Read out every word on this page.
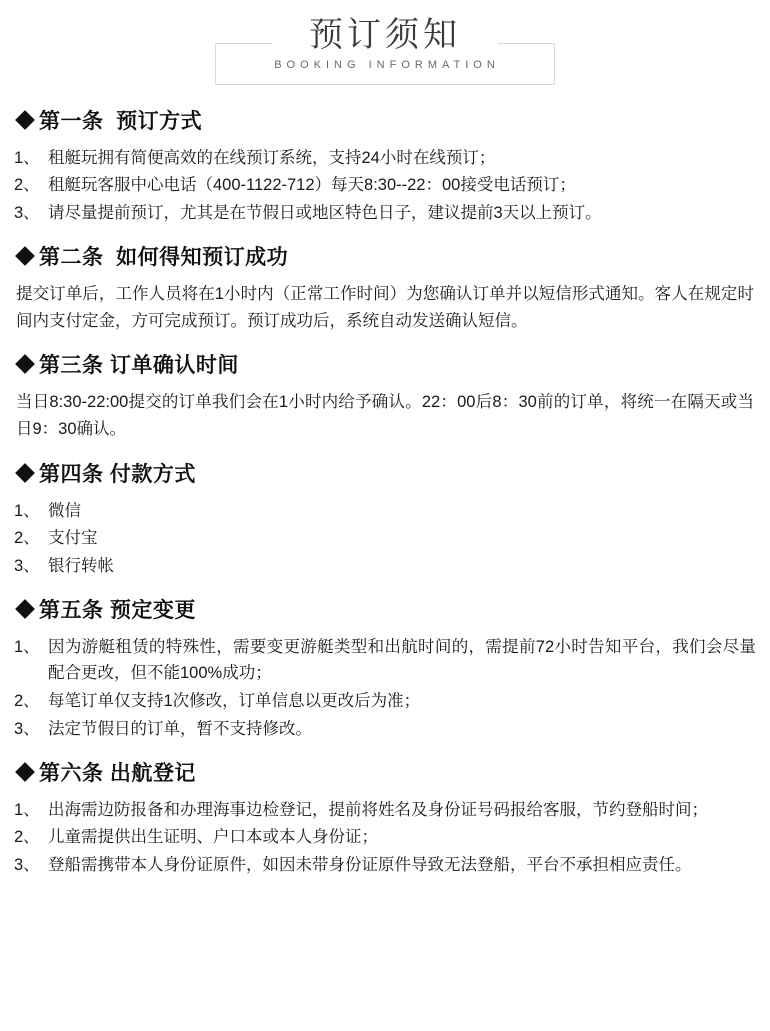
预订须知

BOOKING INFORMATION

第一条  预订方式
1、 租艇玩拥有简便高效的在线预订系统，支持24小时在线预订；
2、 租艇玩客服中心电话（400-1122-712）每天8:30--22：00接受电话预订；
3、 请尽量提前预订，尤其是在节假日或地区特色日子，建议提前3天以上预订。
第二条  如何得知预订成功

提交订单后，工作人员将在1小时内（正常工作时间）为您确认订单并以短信形式通知。客人在规定时间内支付定金，方可完成预订。预订成功后，系统自动发送确认短信。

第三条 订单确认时间

当日8:30-22:00提交的订单我们会在1小时内给予确认。22：00后8：30前的订单，将统一在隔天或当日9：30确认。

第四条 付款方式
1、 微信
2、 支付宝
3、 银行转帐
第五条 预定变更
1、 因为游艇租赁的特殊性，需要变更游艇类型和出航时间的，需提前72小时告知平台，我们会尽量配合更改，但不能100%成功；
2、 每笔订单仅支持1次修改，订单信息以更改后为准；
3、 法定节假日的订单，暂不支持修改。
第六条 出航登记
1、 出海需边防报备和办理海事边检登记，提前将姓名及身份证号码报给客服，节约登船时间；
2、 儿童需提供出生证明、户口本或本人身份证；
3、 登船需携带本人身份证原件，如因未带身份证原件导致无法登船，平台不承担相应责任。
